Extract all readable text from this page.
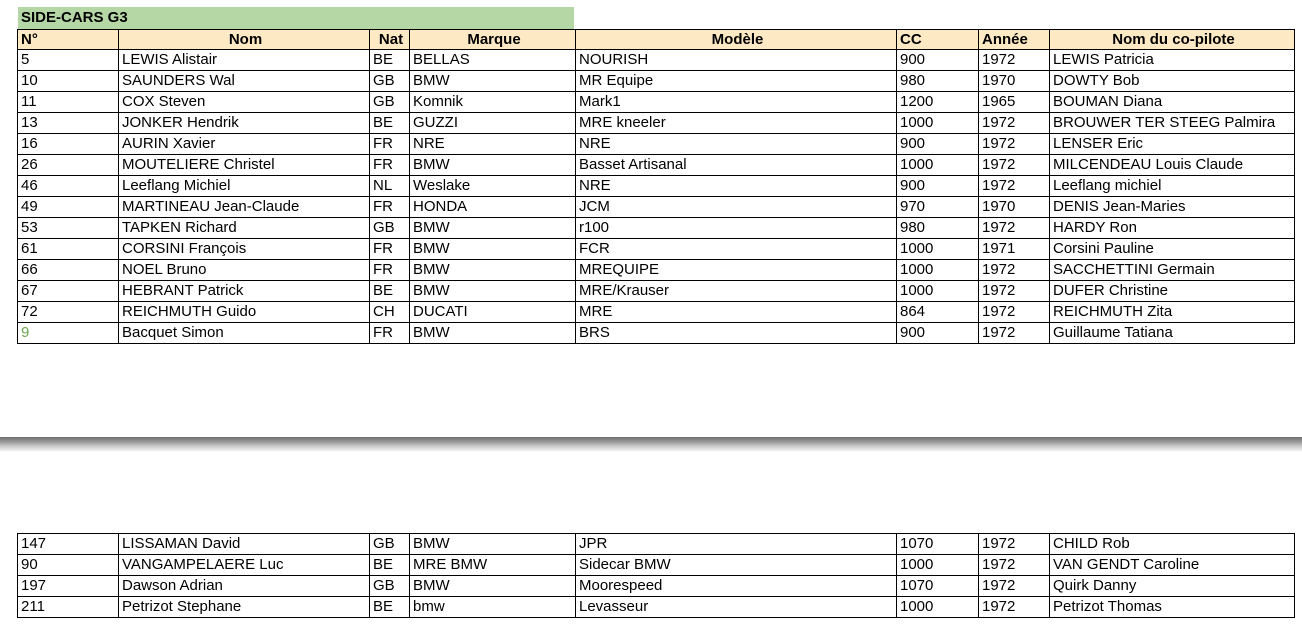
SIDE-CARS G3
N°	Nom	Nat	Marque	Modèle	CC	Année	Nom du co-pilote
5	LEWIS Alistair	BE	BELLAS	NOURISH	900	1972	LEWIS Patricia
10	SAUNDERS Wal	GB	BMW	MR Equipe	980	1970	DOWTY Bob
11	COX Steven	GB	Komnik	Mark1	1200	1965	BOUMAN Diana
13	JONKER Hendrik	BE	GUZZI	MRE kneeler	1000	1972	BROUWER TER STEEG Palmira
16	AURIN Xavier	FR	NRE	NRE	900	1972	LENSER Eric
26	MOUTELIERE Christel	FR	BMW	Basset Artisanal	1000	1972	MILCENDEAU Louis Claude
46	Leeflang Michiel	NL	Weslake	NRE	900	1972	Leeflang michiel
49	MARTINEAU Jean-Claude	FR	HONDA	JCM	970	1970	DENIS Jean-Maries
53	TAPKEN Richard	GB	BMW	r100	980	1972	HARDY Ron
61	CORSINI François	FR	BMW	FCR	1000	1971	Corsini Pauline
66	NOEL Bruno	FR	BMW	MREQUIPE	1000	1972	SACCHETTINI Germain
67	HEBRANT Patrick	BE	BMW	MRE/Krauser	1000	1972	DUFER Christine
72	REICHMUTH Guido	CH	DUCATI	MRE	864	1972	REICHMUTH Zita
9	Bacquet Simon	FR	BMW	BRS	900	1972	Guillaume Tatiana
147	LISSAMAN David	GB	BMW	JPR	1070	1972	CHILD Rob
90	VANGAMPELAERE Luc	BE	MRE BMW	Sidecar BMW	1000	1972	VAN GENDT Caroline
197	Dawson Adrian	GB	BMW	Moorespeed	1070	1972	Quirk Danny
211	Petrizot Stephane	BE	bmw	Levasseur	1000	1972	Petrizot Thomas
